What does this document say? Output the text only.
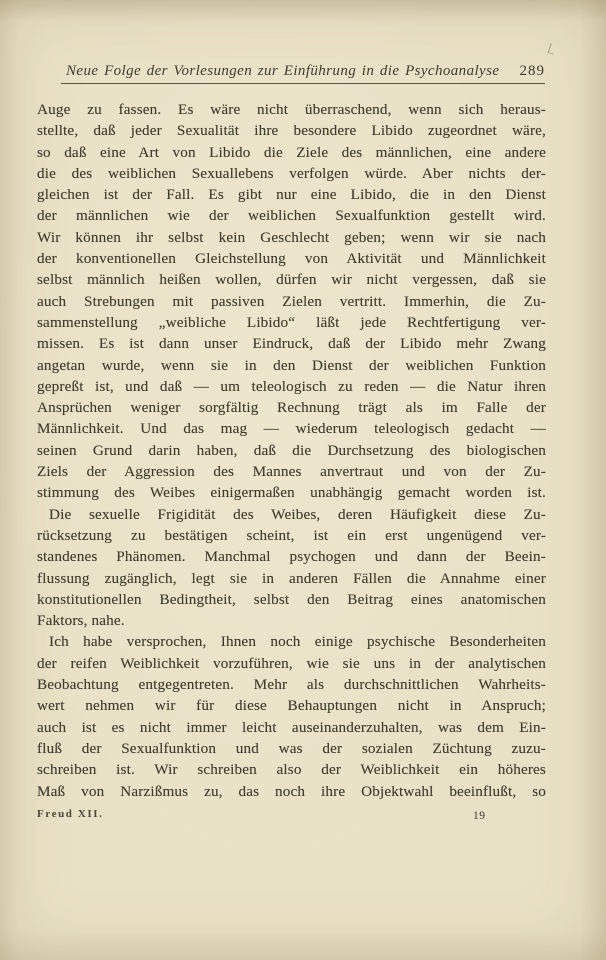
Neue Folge der Vorlesungen zur Einführung in die Psychoanalyse 289
Auge zu fassen. Es wäre nicht überraschend, wenn sich heraus-
stellte, daß jeder Sexualität ihre besondere Libido zugeordnet wäre,
so daß eine Art von Libido die Ziele des männlichen, eine andere
die des weiblichen Sexuallebens verfolgen würde. Aber nichts der-
gleichen ist der Fall. Es gibt nur eine Libido, die in den Dienst
der männlichen wie der weiblichen Sexualfunktion gestellt wird.
Wir können ihr selbst kein Geschlecht geben; wenn wir sie nach
der konventionellen Gleichstellung von Aktivität und Männlichkeit
selbst männlich heißen wollen, dürfen wir nicht vergessen, daß sie
auch Strebungen mit passiven Zielen vertritt. Immerhin, die Zu-
sammenstellung „weibliche Libido“ läßt jede Rechtfertigung ver-
missen. Es ist dann unser Eindruck, daß der Libido mehr Zwang
angetan wurde, wenn sie in den Dienst der weiblichen Funktion
gepreßt ist, und daß — um teleologisch zu reden — die Natur ihren
Ansprüchen weniger sorgfältig Rechnung trägt als im Falle der
Männlichkeit. Und das mag — wiederum teleologisch gedacht —
seinen Grund darin haben, daß die Durchsetzung des biologischen
Ziels der Aggression des Mannes anvertraut und von der Zu-
stimmung des Weibes einigermaßen unabhängig gemacht worden ist.
Die sexuelle Frigidität des Weibes, deren Häufigkeit diese Zu-
rücksetzung zu bestätigen scheint, ist ein erst ungenügend ver-
standenes Phänomen. Manchmal psychogen und dann der Beein-
flussung zugänglich, legt sie in anderen Fällen die Annahme einer
konstitutionellen Bedingtheit, selbst den Beitrag eines anatomischen
Faktors, nahe.
Ich habe versprochen, Ihnen noch einige psychische Besonderheiten
der reifen Weiblichkeit vorzuführen, wie sie uns in der analytischen
Beobachtung entgegentreten. Mehr als durchschnittlichen Wahrheits-
wert nehmen wir für diese Behauptungen nicht in Anspruch;
auch ist es nicht immer leicht auseinanderzuhalten, was dem Ein-
fluß der Sexualfunktion und was der sozialen Züchtung zuzu-
schreiben ist. Wir schreiben also der Weiblichkeit ein höheres
Maß von Narzißmus zu, das noch ihre Objektwahl beeinflußt, so
Freud XII.	19
